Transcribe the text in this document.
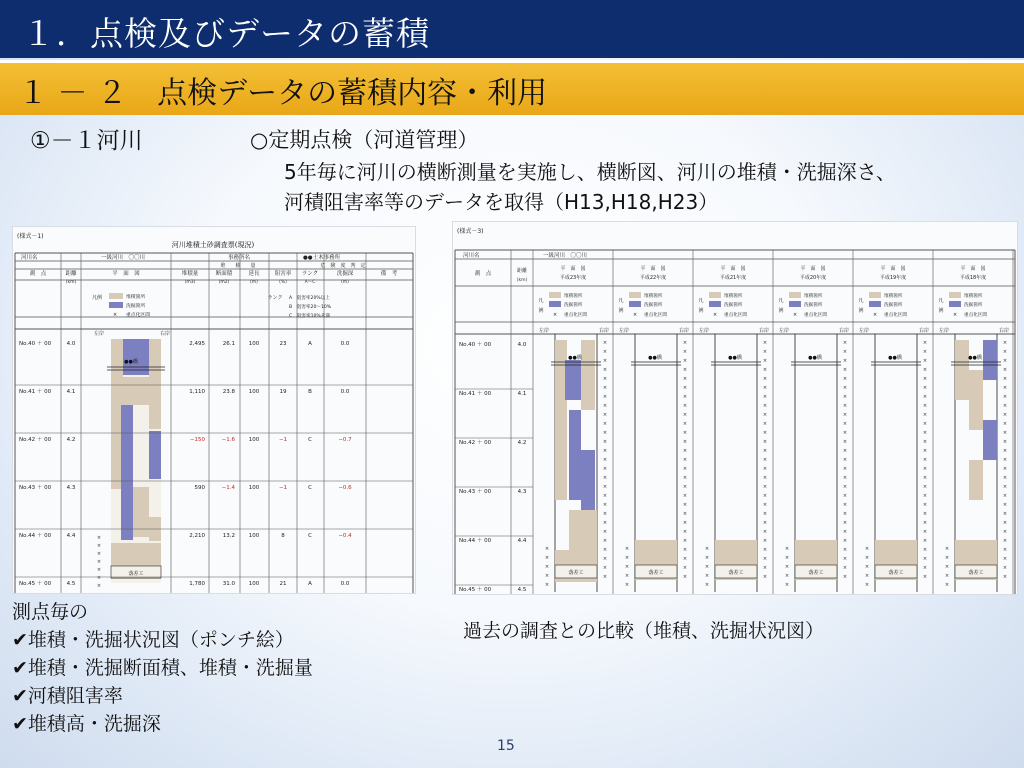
１．点検及びデータの蓄積
１ － ２　点検データの蓄積内容・利用
①－１河川	○定期点検（河道管理）
5年毎に河川の横断測量を実施し、横断図、河川の堆積・洗掘深さ、
河積阻害率等のデータを取得（H13,H18,H23）
(様式－1)
河川堆積土砂調査票(現況)
河川名	一級河川　〇〇川	事務所名	●●土木事務所
堆　　積　　量	危　険　度　判　定
測　点	距離	平　面　図	堆積量	断面積	延長	阻害率 ランク	洗掘深	備　考
(km)	(m3)	(m2)	(m)	(%)	A～C	(m)
凡例	堆積箇所
洗掘箇所
× 重点化区間
ランク A　阻害率20%以上
B　阻害率20～10%
C　阻害率10%未満
左岸	右岸
●●橋
落差工
×
×
×
×
×
×
×
No.40 ＋ 00	4.0	2,495	26.1	100	23	A	0.0
No.41 ＋ 00	4.1	1,110	23.8	100	19	B	0.0
No.42 ＋ 00	4.2	−150	−1.6	100	−1	C	−0.7
No.43 ＋ 00	4.3	590	−1.4	100	−1	C	−0.6
No.44 ＋ 00	4.4	2,210	13.2	100	8	C	−0.4
No.45 ＋ 00	4.5	1,780	31.0	100	21	A	0.0
(様式－3)
河川名	一級河川　〇〇川
測　点	距離
(km)
No.40 ＋ 00	4.0
No.41 ＋ 00	4.1
No.42 ＋ 00	4.2
No.43 ＋ 00	4.3
No.44 ＋ 00	4.4
No.45 ＋ 00	4.5
平　面　図
平成23年度
凡
例
堆積箇所
洗掘箇所
× 重点化区間
左岸	右岸
●●橋
落差工
×
×
×
×
×
×
×
×
×
×
×
×
×
×
×
×
×
×
×
×
×
×
×
×
×
×
×
×
×
×
×
×
平　面　図
平成22年度
凡
例
堆積箇所
洗掘箇所
× 重点化区間
左岸	右岸
●●橋
落差工
×
×
×
×
×
×
×
×
×
×
×
×
×
×
×
×
×
×
×
×
×
×
×
×
×
×
×
×
×
×
×
×
平　面　図
平成21年度
凡
例
堆積箇所
洗掘箇所
× 重点化区間
左岸	右岸
●●橋
落差工
×
×
×
×
×
×
×
×
×
×
×
×
×
×
×
×
×
×
×
×
×
×
×
×
×
×
×
×
×
×
×
×
平　面　図
平成20年度
凡
例
堆積箇所
洗掘箇所
× 重点化区間
左岸	右岸
●●橋
落差工
×
×
×
×
×
×
×
×
×
×
×
×
×
×
×
×
×
×
×
×
×
×
×
×
×
×
×
×
×
×
×
×
平　面　図
平成19年度
凡
例
堆積箇所
洗掘箇所
× 重点化区間
左岸	右岸
●●橋
落差工
×
×
×
×
×
×
×
×
×
×
×
×
×
×
×
×
×
×
×
×
×
×
×
×
×
×
×
×
×
×
×
×
平　面　図
平成18年度
凡
例
堆積箇所
洗掘箇所
× 重点化区間
左岸	右岸
●●橋
落差工
×
×
×
×
×
×
×
×
×
×
×
×
×
×
×
×
×
×
×
×
×
×
×
×
×
×
×
×
×
×
×
×
測点毎の
✔堆積・洗掘状況図（ポンチ絵）
✔堆積・洗掘断面積、堆積・洗掘量
✔河積阻害率
✔堆積高・洗掘深
過去の調査との比較（堆積、洗掘状況図）
15
